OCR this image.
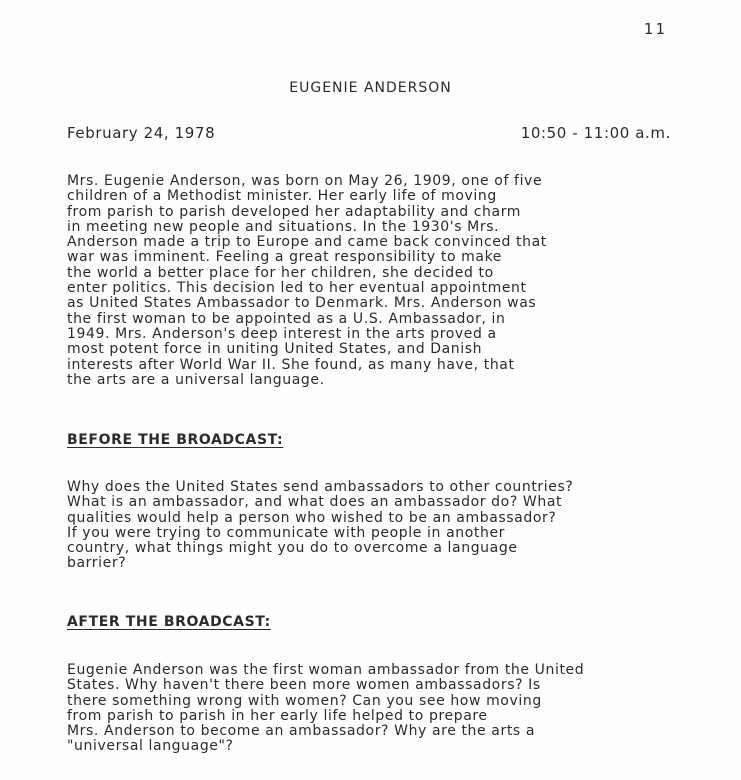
11
EUGENIE ANDERSON
February 24, 1978	10:50 - 11:00 a.m.

Mrs. Eugenie Anderson, was born on May 26, 1909, one of five
children of a Methodist minister. Her early life of moving
from parish to parish developed her adaptability and charm
in meeting new people and situations. In the 1930's Mrs.
Anderson made a trip to Europe and came back convinced that
war was imminent. Feeling a great responsibility to make
the world a better place for her children, she decided to
enter politics. This decision led to her eventual appointment
as United States Ambassador to Denmark. Mrs. Anderson was
the first woman to be appointed as a U.S. Ambassador, in
1949. Mrs. Anderson's deep interest in the arts proved a
most potent force in uniting United States, and Danish
interests after World War II. She found, as many have, that
the arts are a universal language.

BEFORE THE BROADCAST:

Why does the United States send ambassadors to other countries?
What is an ambassador, and what does an ambassador do? What
qualities would help a person who wished to be an ambassador?
If you were trying to communicate with people in another
country, what things might you do to overcome a language
barrier?

AFTER THE BROADCAST:

Eugenie Anderson was the first woman ambassador from the United
States. Why haven't there been more women ambassadors? Is
there something wrong with women? Can you see how moving
from parish to parish in her early life helped to prepare
Mrs. Anderson to become an ambassador? Why are the arts a
"universal language"?
